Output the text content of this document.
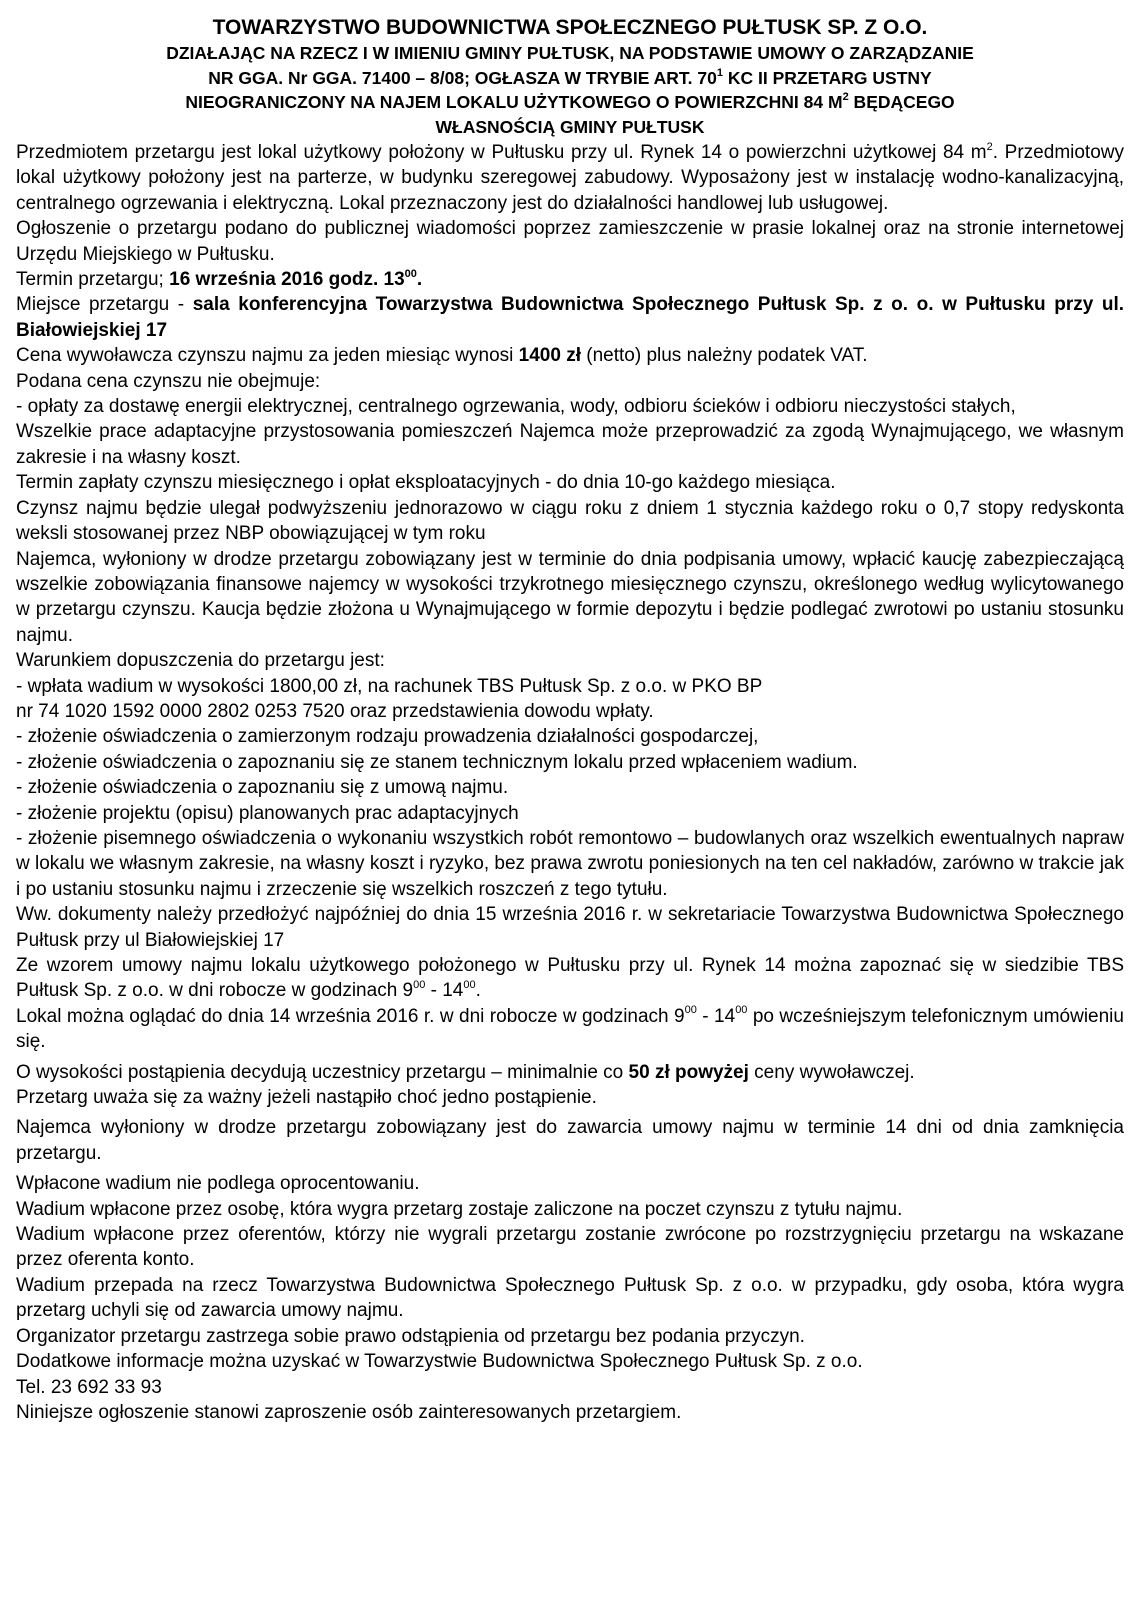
TOWARZYSTWO BUDOWNICTWA SPOŁECZNEGO PUŁTUSK SP. Z O.O.
DZIAŁAJĄC NA RZECZ I W IMIENIU GMINY PUŁTUSK, NA PODSTAWIE UMOWY O ZARZĄDZANIE
NR GGA. Nr GGA. 71400 – 8/08; OGŁASZA W TRYBIE ART. $70^1$ KC II PRZETARG USTNY
NIEOGRANICZONY NA NAJEM LOKALU UŻYTKOWEGO O POWIERZCHNI 84 $M^2$ BĘDĄCEGO
WŁASNOŚCIĄ GMINY PUŁTUSK

Przedmiotem przetargu jest lokal użytkowy położony w Pułtusku przy ul. Rynek 14 o powierzchni użytkowej 84 $m^2$. Przedmiotowy lokal użytkowy położony jest na parterze, w budynku szeregowej zabudowy. Wyposażony jest w instalację wodno-kanalizacyjną, centralnego ogrzewania i elektryczną. Lokal przeznaczony jest do działalności handlowej lub usługowej.

Ogłoszenie o przetargu podano do publicznej wiadomości poprzez zamieszczenie w prasie lokalnej oraz na stronie internetowej Urzędu Miejskiego w Pułtusku.

Termin przetargu; 16 września 2016 godz. $13^{00}$.

Miejsce przetargu - sala konferencyjna Towarzystwa Budownictwa Społecznego Pułtusk Sp. z o. o. w Pułtusku przy ul. Białowiejskiej 17

Cena wywoławcza czynszu najmu za jeden miesiąc wynosi 1400 zł (netto) plus należny podatek VAT.

Podana cena czynszu nie obejmuje:

- opłaty za dostawę energii elektrycznej, centralnego ogrzewania, wody, odbioru ścieków i odbioru nieczystości stałych,

Wszelkie prace adaptacyjne przystosowania pomieszczeń Najemca może przeprowadzić za zgodą Wynajmującego, we własnym zakresie i na własny koszt.

Termin zapłaty czynszu miesięcznego i opłat eksploatacyjnych - do dnia 10-go każdego miesiąca.

Czynsz najmu będzie ulegał podwyższeniu jednorazowo w ciągu roku z dniem 1 stycznia każdego roku o 0,7 stopy redyskonta weksli stosowanej przez NBP obowiązującej w tym roku

Najemca, wyłoniony w drodze przetargu zobowiązany jest w terminie do dnia podpisania umowy, wpłacić kaucję zabezpieczającą wszelkie zobowiązania finansowe najemcy w wysokości trzykrotnego miesięcznego czynszu, określonego według wylicytowanego w przetargu czynszu. Kaucja będzie złożona u Wynajmującego w formie depozytu i będzie podlegać zwrotowi po ustaniu stosunku najmu.

Warunkiem dopuszczenia do przetargu jest:

- wpłata wadium w wysokości 1800,00 zł, na rachunek TBS Pułtusk Sp. z o.o. w PKO BP
nr 74 1020 1592 0000 2802 0253 7520 oraz przedstawienia dowodu wpłaty.

- złożenie oświadczenia o zamierzonym rodzaju prowadzenia działalności gospodarczej,

- złożenie oświadczenia o zapoznaniu się ze stanem technicznym lokalu przed wpłaceniem wadium.

- złożenie oświadczenia o zapoznaniu się z umową najmu.

- złożenie projektu (opisu) planowanych prac adaptacyjnych

- złożenie pisemnego oświadczenia o wykonaniu wszystkich robót remontowo – budowlanych oraz wszelkich ewentualnych napraw w lokalu we własnym zakresie, na własny koszt i ryzyko, bez prawa zwrotu poniesionych na ten cel nakładów, zarówno w trakcie jak i po ustaniu stosunku najmu i zrzeczenie się wszelkich roszczeń z tego tytułu.

Ww. dokumenty należy przedłożyć najpóźniej do dnia 15 września 2016 r. w sekretariacie Towarzystwa Budownictwa Społecznego Pułtusk przy ul Białowiejskiej 17

Ze wzorem umowy najmu lokalu użytkowego położonego w Pułtusku przy ul. Rynek 14 można zapoznać się w siedzibie TBS Pułtusk Sp. z o.o. w dni robocze w godzinach $9^{00} - 14^{00}$.

Lokal można oglądać do dnia 14 września 2016 r. w dni robocze w godzinach $9^{00} - 14^{00}$ po wcześniejszym telefonicznym umówieniu się.

O wysokości postąpienia decydują uczestnicy przetargu – minimalnie co 50 zł powyżej ceny wywoławczej.

Przetarg uważa się za ważny jeżeli nastąpiło choć jedno postąpienie.

Najemca wyłoniony w drodze przetargu zobowiązany jest do zawarcia umowy najmu w terminie 14 dni od dnia zamknięcia przetargu.

Wpłacone wadium nie podlega oprocentowaniu.

Wadium wpłacone przez osobę, która wygra przetarg zostaje zaliczone na poczet czynszu z tytułu najmu.

Wadium wpłacone przez oferentów, którzy nie wygrali przetargu zostanie zwrócone po rozstrzygnięciu przetargu na wskazane przez oferenta konto.

Wadium przepada na rzecz Towarzystwa Budownictwa Społecznego Pułtusk Sp. z o.o. w przypadku, gdy osoba, która wygra przetarg uchyli się od zawarcia umowy najmu.

Organizator przetargu zastrzega sobie prawo odstąpienia od przetargu bez podania przyczyn.

Dodatkowe informacje można uzyskać w Towarzystwie Budownictwa Społecznego Pułtusk Sp. z o.o.

Tel. 23 692 33 93

Niniejsze ogłoszenie stanowi zaproszenie osób zainteresowanych przetargiem.
